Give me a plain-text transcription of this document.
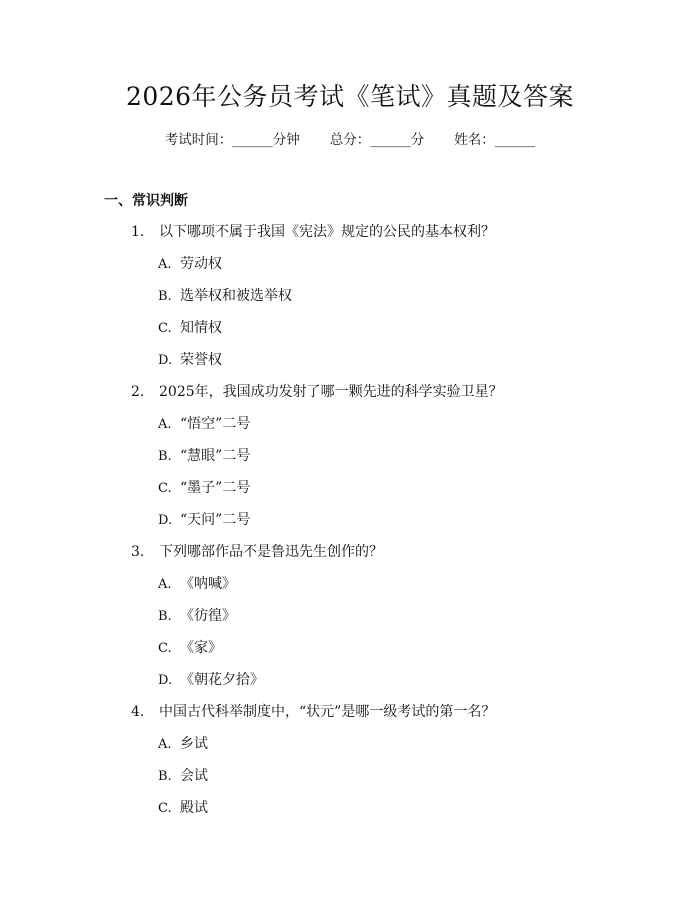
2026年公务员考试《笔试》真题及答案
考试时间：______分钟 总分：______分 姓名：______
一、常识判断
1. 以下哪项不属于我国《宪法》规定的公民的基本权利？
A. 劳动权
B. 选举权和被选举权
C. 知情权
D. 荣誉权
2. 2025年，我国成功发射了哪一颗先进的科学实验卫星？
A. “悟空”二号
B. “慧眼”二号
C. “墨子”二号
D. “天问”二号
3. 下列哪部作品不是鲁迅先生创作的？
A. 《呐喊》
B. 《彷徨》
C. 《家》
D. 《朝花夕拾》
4. 中国古代科举制度中，“状元”是哪一级考试的第一名？
A. 乡试
B. 会试
C. 殿试
